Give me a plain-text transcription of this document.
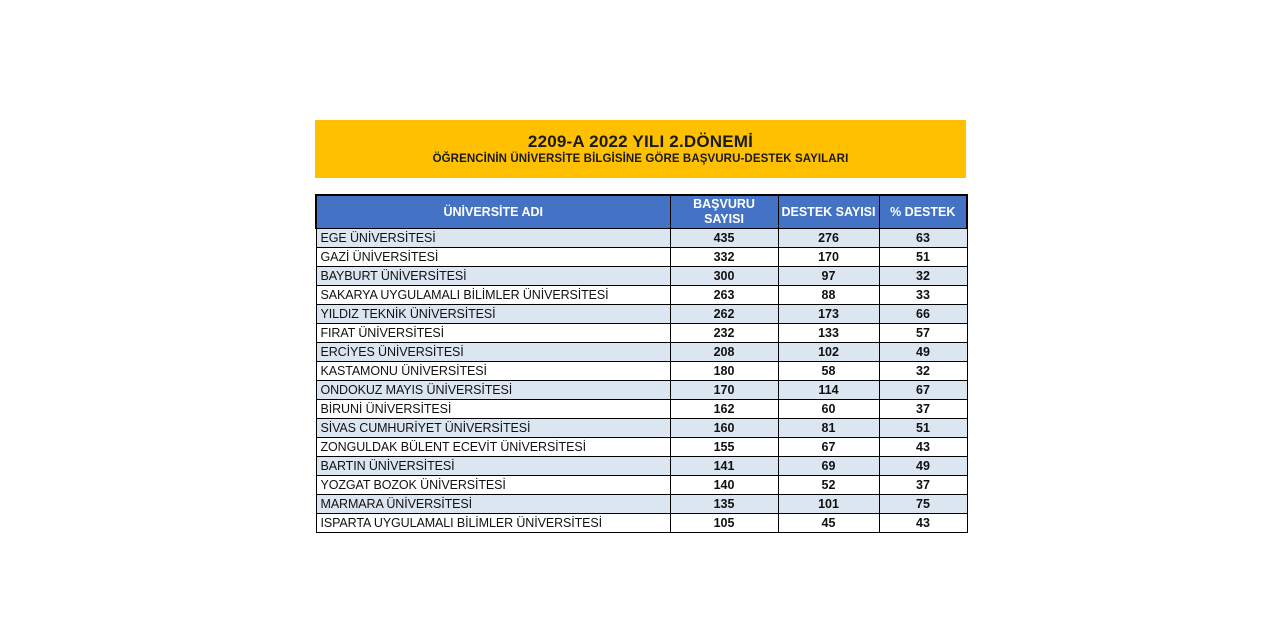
2209-A 2022 YILI 2.DÖNEMİ
ÖĞRENCİNİN ÜNİVERSİTE BİLGİSİNE GÖRE BAŞVURU-DESTEK SAYILARI
ÜNİVERSİTE ADI	BAŞVURU SAYISI	DESTEK SAYISI	% DESTEK
EGE ÜNİVERSİTESİ	435	276	63
GAZİ ÜNİVERSİTESİ	332	170	51
BAYBURT ÜNİVERSİTESİ	300	97	32
SAKARYA UYGULAMALI BİLİMLER ÜNİVERSİTESİ	263	88	33
YILDIZ TEKNİK ÜNİVERSİTESİ	262	173	66
FIRAT ÜNİVERSİTESİ	232	133	57
ERCİYES ÜNİVERSİTESİ	208	102	49
KASTAMONU ÜNİVERSİTESİ	180	58	32
ONDOKUZ MAYIS ÜNİVERSİTESİ	170	114	67
BİRUNİ ÜNİVERSİTESİ	162	60	37
SİVAS CUMHURİYET ÜNİVERSİTESİ	160	81	51
ZONGULDAK BÜLENT ECEVİT ÜNİVERSİTESİ	155	67	43
BARTIN ÜNİVERSİTESİ	141	69	49
YOZGAT BOZOK ÜNİVERSİTESİ	140	52	37
MARMARA ÜNİVERSİTESİ	135	101	75
ISPARTA UYGULAMALI BİLİMLER ÜNİVERSİTESİ	105	45	43
